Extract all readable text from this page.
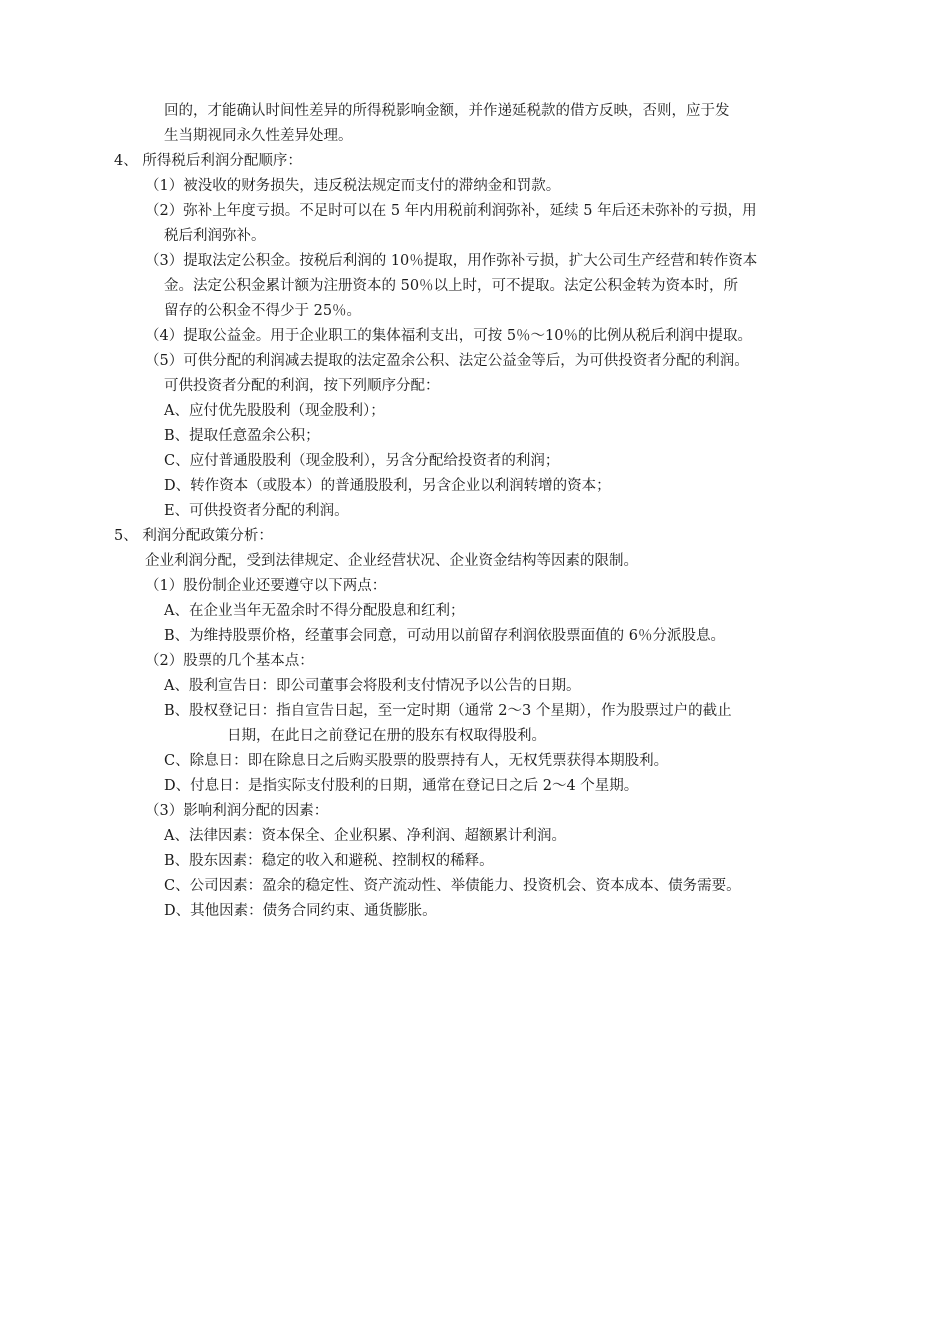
回的，才能确认时间性差异的所得税影响金额，并作递延税款的借方反映，否则，应于发
生当期视同永久性差异处理。
4、 所得税后利润分配顺序：
（1）被没收的财务损失，违反税法规定而支付的滞纳金和罚款。
（2）弥补上年度亏损。不足时可以在 5 年内用税前利润弥补，延续 5 年后还未弥补的亏损，用
税后利润弥补。
（3）提取法定公积金。按税后利润的 10％提取，用作弥补亏损，扩大公司生产经营和转作资本
金。法定公积金累计额为注册资本的 50％以上时，可不提取。法定公积金转为资本时，所
留存的公积金不得少于 25％。
（4）提取公益金。用于企业职工的集体福利支出，可按 5％～10％的比例从税后利润中提取。
（5）可供分配的利润减去提取的法定盈余公积、法定公益金等后，为可供投资者分配的利润。
可供投资者分配的利润，按下列顺序分配：
A、应付优先股股利（现金股利）；
B、提取任意盈余公积；
C、应付普通股股利（现金股利），另含分配给投资者的利润；
D、转作资本（或股本）的普通股股利，另含企业以利润转增的资本；
E、可供投资者分配的利润。
5、 利润分配政策分析：
企业利润分配，受到法律规定、企业经营状况、企业资金结构等因素的限制。
（1）股份制企业还要遵守以下两点：
A、在企业当年无盈余时不得分配股息和红利；
B、为维持股票价格，经董事会同意，可动用以前留存利润依股票面值的 6％分派股息。
（2）股票的几个基本点：
A、股利宣告日：即公司董事会将股利支付情况予以公告的日期。
B、股权登记日：指自宣告日起，至一定时期（通常 2～3 个星期），作为股票过户的截止
日期，在此日之前登记在册的股东有权取得股利。
C、除息日：即在除息日之后购买股票的股票持有人，无权凭票获得本期股利。
D、付息日：是指实际支付股利的日期，通常在登记日之后 2～4 个星期。
（3）影响利润分配的因素：
A、法律因素：资本保全、企业积累、净利润、超额累计利润。
B、股东因素：稳定的收入和避税、控制权的稀释。
C、公司因素：盈余的稳定性、资产流动性、举债能力、投资机会、资本成本、债务需要。
D、其他因素：债务合同约束、通货膨胀。
